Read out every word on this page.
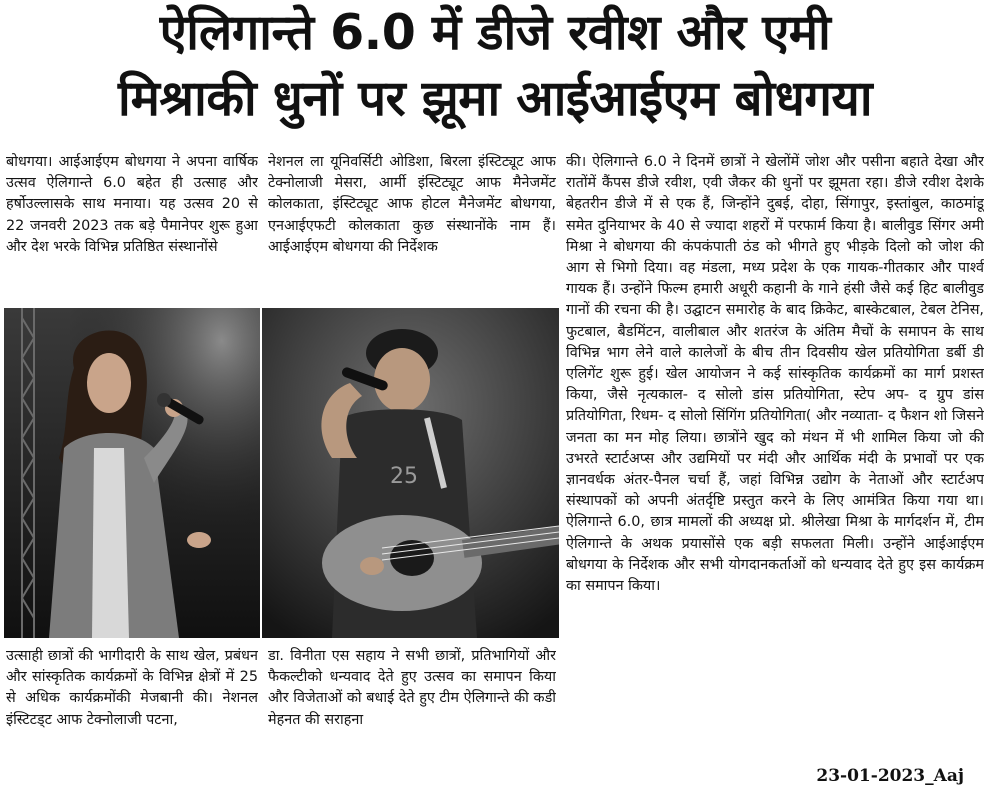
ऐलिगान्ते 6.0 में डीजे रवीश और एमी
मिश्राकी धुनों पर झूमा आईआईएम बोधगया

बोधगया। आईआईएम बोधगया ने अपना वार्षिक उत्सव ऐलिगान्ते 6.0 बहेत ही उत्साह और हर्षोउल्लासके साथ मनाया। यह उत्सव 20 से 22 जनवरी 2023 तक बड़े पैमानेपर शुरू हुआ और देश भरके विभिन्न प्रतिष्ठित संस्थानोंसे

नेशनल ला यूनिवर्सिटी ओडिशा, बिरला इंस्टिट्यूट आफ टेक्नोलाजी मेसरा, आर्मी इंस्टिट्यूट आफ मैनेजमेंट कोलकाता, इंस्टिट्यूट आफ होटल मैनेजमेंट बोधगया, एनआईएफटी कोलकाता कुछ संस्थानोंके नाम हैं। आईआईएम बोधगया की निर्देशक

की। ऐलिगान्ते 6.0 ने दिनमें छात्रों ने खेलोंमें जोश और पसीना बहाते देखा और रातोंमें कैंपस डीजे रवीश, एवी जैकर की धुनों पर झूमता रहा। डीजे रवीश देशके बेहतरीन डीजे में से एक हैं, जिन्होंने दुबई, दोहा, सिंगापुर, इस्तांबुल, काठमांडू समेत दुनियाभर के 40 से ज्यादा शहरों में परफार्म किया है। बालीवुड सिंगर अमी मिश्रा ने बोधगया की कंपकंपाती ठंड को भीगते हुए भीड़के दिलो को जोश की आग से भिगो दिया। वह मंडला, मध्य प्रदेश के एक गायक-गीतकार और पार्श्व गायक हैं। उन्होंने फिल्म हमारी अधूरी कहानी के गाने हंसी जैसे कई हिट बालीवुड गानों की रचना की है। उद्घाटन समारोह के बाद क्रिकेट, बास्केटबाल, टेबल टेनिस, फुटबाल, बैडमिंटन, वालीबाल और शतरंज के अंतिम मैचों के समापन के साथ विभिन्न भाग लेने वाले कालेजों के बीच तीन दिवसीय खेल प्रतियोगिता डर्बी डी एलिगेंट शुरू हुई। खेल आयोजन ने कई सांस्कृतिक कार्यक्रमों का मार्ग प्रशस्त किया, जैसे नृत्यकाल- द सोलो डांस प्रतियोगिता, स्टेप अप- द ग्रुप डांस प्रतियोगिता, रिधम- द सोलो सिंगिंग प्रतियोगिता( और नव्याता- द फैशन शो जिसने जनता का मन मोह लिया। छात्रोंने खुद को मंथन में भी शामिल किया जो की उभरते स्टार्टअप्स और उद्यमियों पर मंदी और आर्थिक मंदी के प्रभावों पर एक ज्ञानवर्धक अंतर-पैनल चर्चा हैं, जहां विभिन्न उद्योग के नेताओं और स्टार्टअप संस्थापकों को अपनी अंतर्दृष्टि प्रस्तुत करने के लिए आमंत्रित किया गया था। ऐलिगान्ते 6.0, छात्र मामलों की अध्यक्ष प्रो. श्रीलेखा मिश्रा के मार्गदर्शन में, टीम ऐलिगान्ते के अथक प्रयासोंसे एक बड़ी सफलता मिली। उन्होंने आईआईएम बोधगया के निर्देशक और सभी योगदानकर्ताओं को धन्यवाद देते हुए इस कार्यक्रम का समापन किया।

25

उत्साही छात्रों की भागीदारी के साथ खेल, प्रबंधन और सांस्कृतिक कार्यक्रमों के विभिन्न क्षेत्रों में 25 से अधिक कार्यक्रमोंकी मेजबानी की। नेशनल इंस्टिटड्ट आफ टेक्नोलाजी पटना,

डा. विनीता एस सहाय ने सभी छात्रों, प्रतिभागियों और फैकल्टीको धन्यवाद देते हुए उत्सव का समापन किया और विजेताओं को बधाई देते हुए टीम ऐलिगान्ते की कडी मेहनत की सराहना

23-01-2023_Aaj
